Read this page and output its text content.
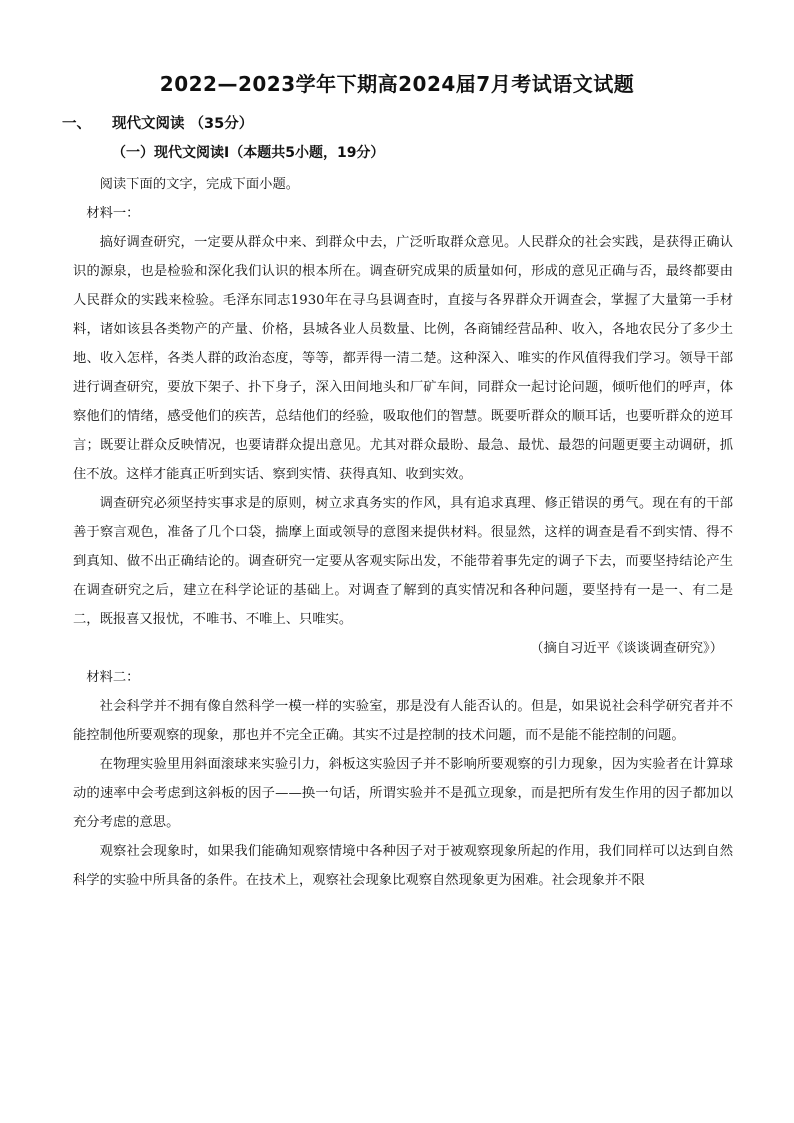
2022—2023学年下期高2024届7月考试语文试题
一、 现代文阅读 （35分）
（一）现代文阅读Ⅰ（本题共5小题，19分）

阅读下面的文字，完成下面小题。

材料一：

搞好调查研究，一定要从群众中来、到群众中去，广泛听取群众意见。人民群众的社会实践，是获得正确认识的源泉，也是检验和深化我们认识的根本所在。调查研究成果的质量如何，形成的意见正确与否，最终都要由人民群众的实践来检验。毛泽东同志1930年在寻乌县调查时，直接与各界群众开调查会，掌握了大量第一手材料，诸如该县各类物产的产量、价格，县城各业人员数量、比例，各商铺经营品种、收入，各地农民分了多少土地、收入怎样，各类人群的政治态度，等等，都弄得一清二楚。这种深入、唯实的作风值得我们学习。领导干部进行调查研究，要放下架子、扑下身子，深入田间地头和厂矿车间，同群众一起讨论问题，倾听他们的呼声，体察他们的情绪，感受他们的疾苦，总结他们的经验，吸取他们的智慧。既要听群众的顺耳话，也要听群众的逆耳言；既要让群众反映情况，也要请群众提出意见。尤其对群众最盼、最急、最忧、最怨的问题更要主动调研，抓住不放。这样才能真正听到实话、察到实情、获得真知、收到实效。

调查研究必须坚持实事求是的原则，树立求真务实的作风，具有追求真理、修正错误的勇气。现在有的干部善于察言观色，准备了几个口袋，揣摩上面或领导的意图来提供材料。很显然，这样的调查是看不到实情、得不到真知、做不出正确结论的。调查研究一定要从客观实际出发，不能带着事先定的调子下去，而要坚持结论产生在调查研究之后，建立在科学论证的基础上。对调查了解到的真实情况和各种问题，要坚持有一是一、有二是二，既报喜又报忧，不唯书、不唯上、只唯实。

（摘自习近平《谈谈调查研究》）

材料二：

社会科学并不拥有像自然科学一模一样的实验室，那是没有人能否认的。但是，如果说社会科学研究者并不能控制他所要观察的现象，那也并不完全正确。其实不过是控制的技术问题，而不是能不能控制的问题。

在物理实验里用斜面滚球来实验引力，斜板这实验因子并不影响所要观察的引力现象，因为实验者在计算球动的速率中会考虑到这斜板的因子——换一句话，所谓实验并不是孤立现象，而是把所有发生作用的因子都加以充分考虑的意思。

观察社会现象时，如果我们能确知观察情境中各种因子对于被观察现象所起的作用，我们同样可以达到自然科学的实验中所具备的条件。在技术上，观察社会现象比观察自然现象更为困难。社会现象并不限
